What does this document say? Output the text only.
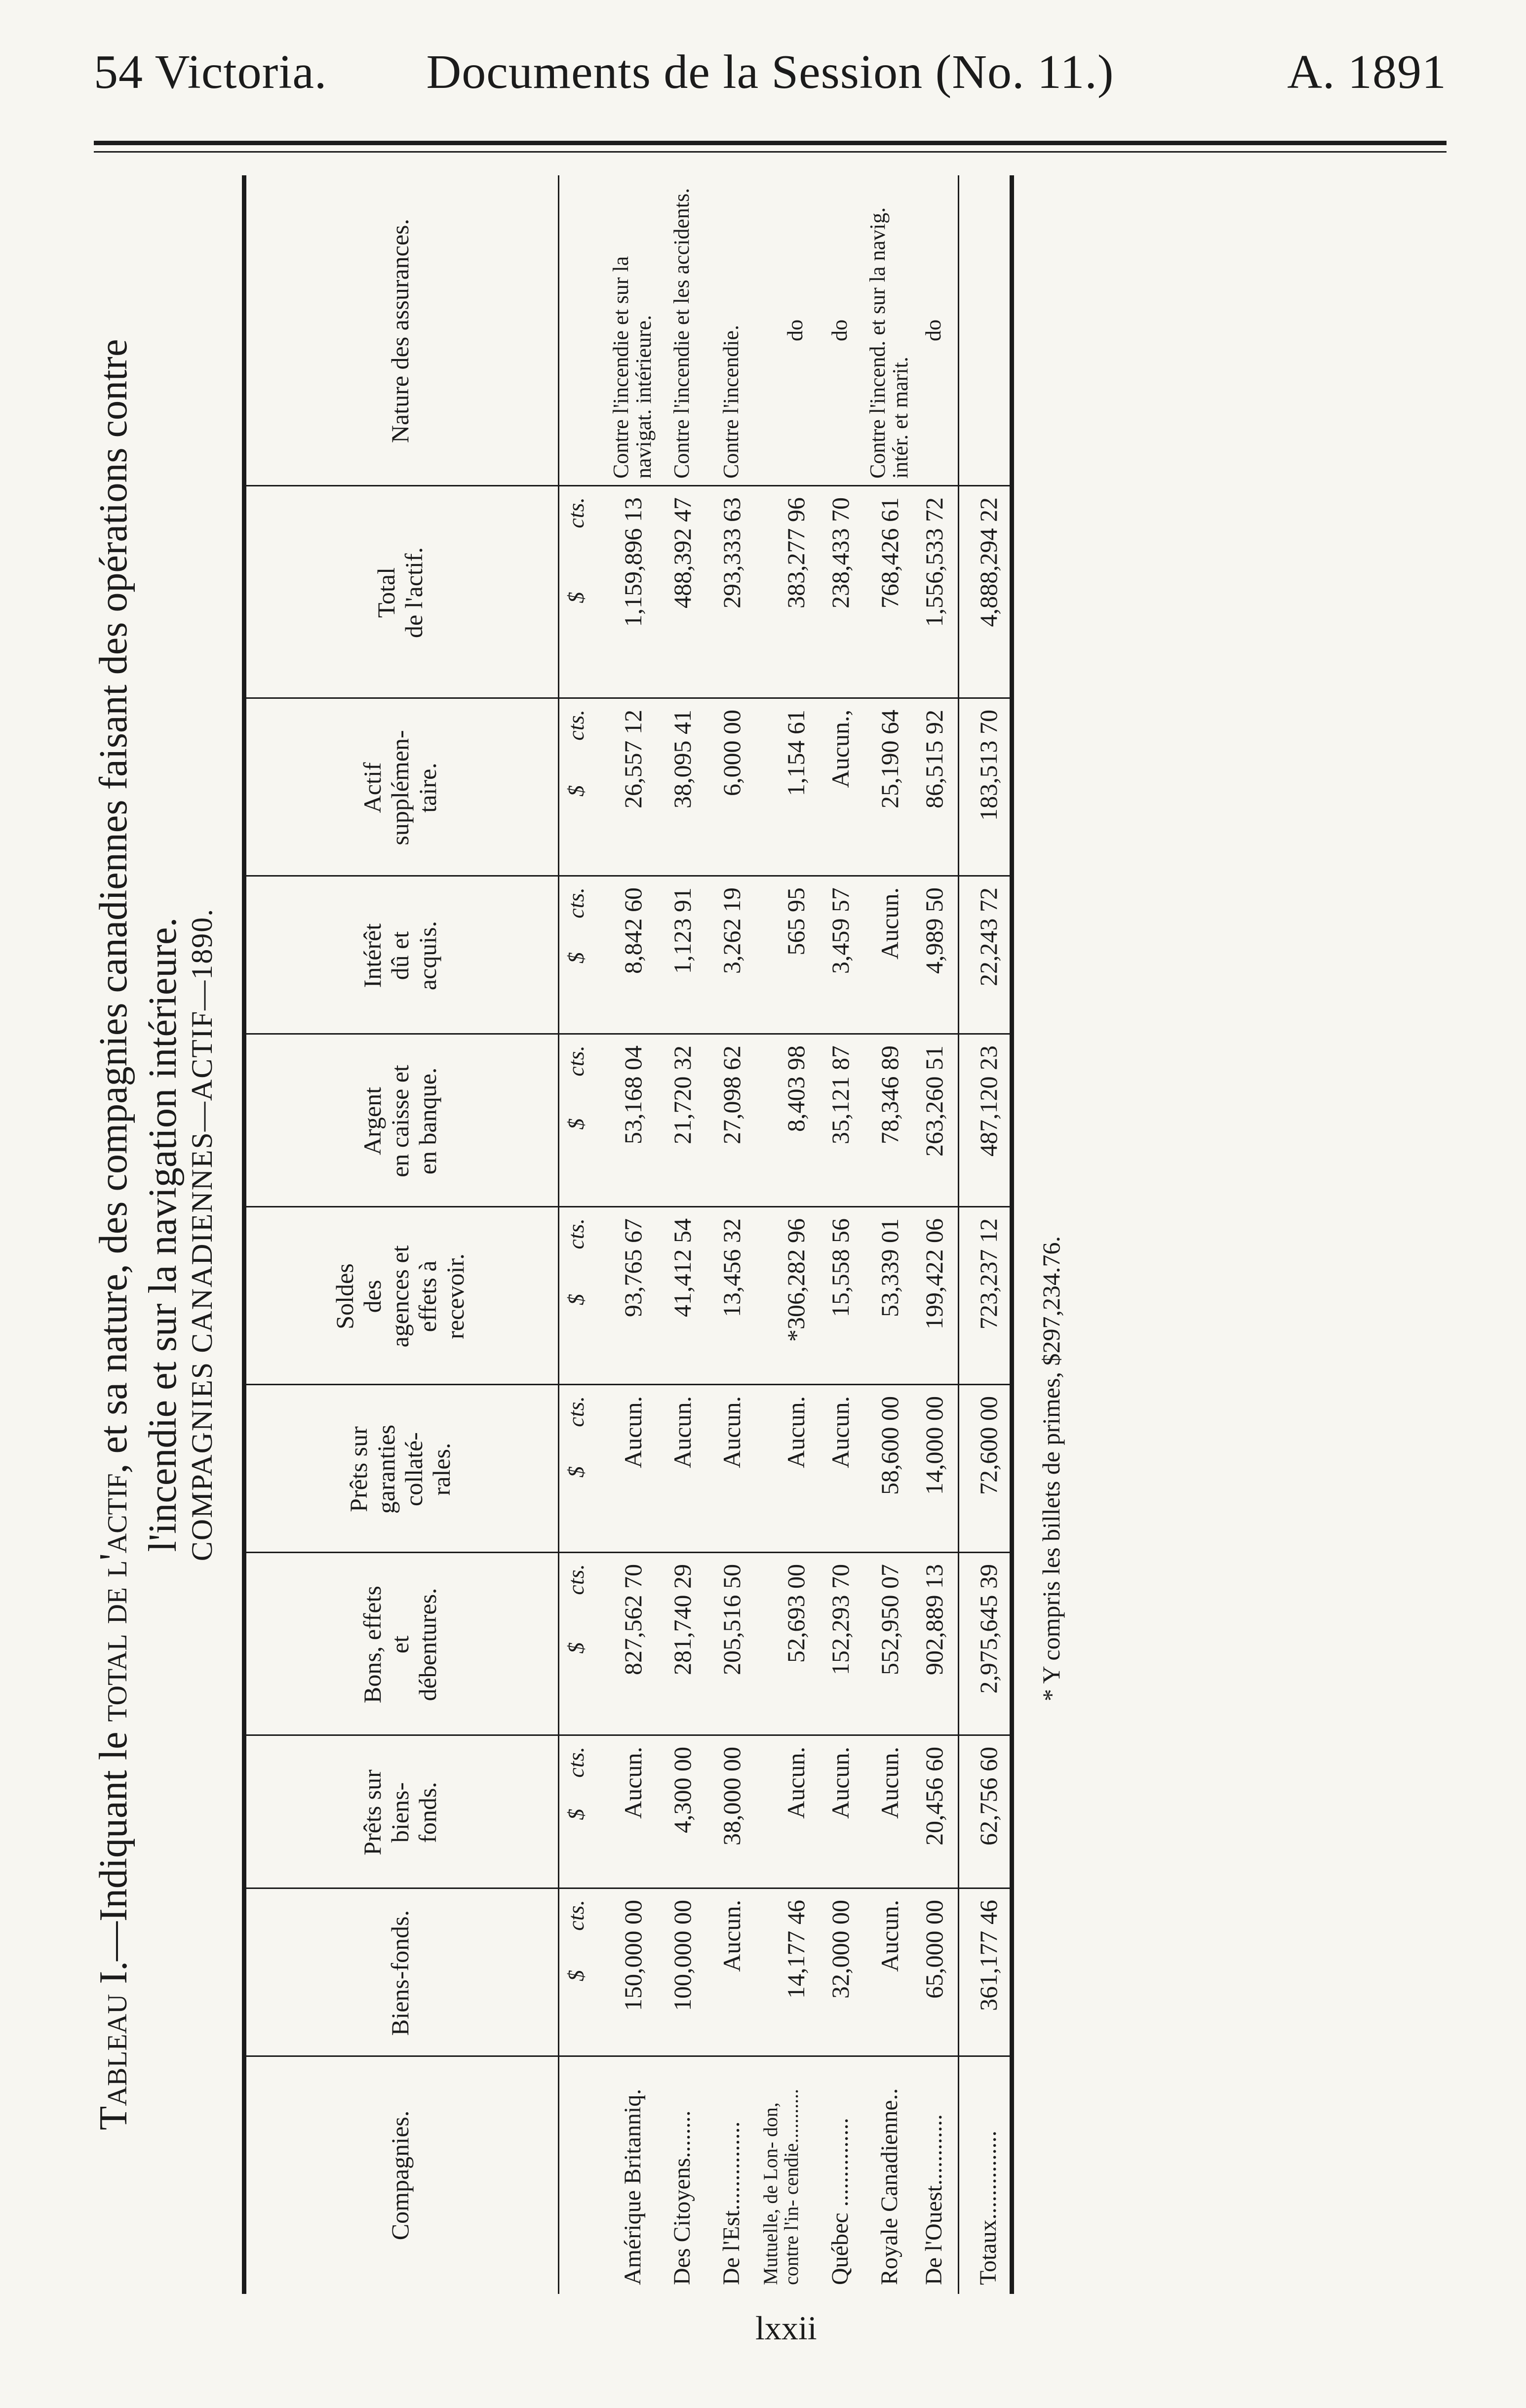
54 Victoria.	Documents de la Session (No. 11.)	A. 1891
Tableau I.—Indiquant le total de l'actif, et sa nature, des compagnies canadiennes faisant des opérations contre l'incendie et sur la navigation intérieure. COMPAGNIES CANADIENNES—ACTIF—1890.
Compagnies.
Biens-fonds.
Prêts sur
biens-
fonds.
Bons, effets
et
débentures.
Prêts sur
garanties
collaté-
rales.
Soldes
des
agences et
effets à
recevoir.
Argent
en caisse et
en banque.
Intérêt
dû et
acquis.
Actif
supplémen-
taire.
Total
de l'actif.
Nature des assurances.
$
cts.
$
cts.
$
cts.
$
cts.
$
cts.
$
cts.
$
cts.
$
cts.
$
cts.
Amérique Britanniq.
150,000 00
Aucun.
827,562 70
Aucun.
93,765 67
53,168 04
8,842 60
26,557 12
1,159,896 13
Contre l'incendie et sur la navigat. intérieure.
Des Citoyens........
100,000 00
4,300 00
281,740 29
Aucun.
41,412 54
21,720 32
1,123 91
38,095 41
488,392 47
Contre l'incendie et les accidents.
De l'Est...............
Aucun.
38,000 00
205,516 50
Aucun.
13,456 32
27,098 62
3,262 19
6,000 00
293,333 63
Contre l'incendie.
Mutuelle, de Lon- don, contre l'in- cendie...........
14,177 46
Aucun.
52,693 00
Aucun.
*306,282 96
8,403 98
565 95
1,154 61
383,277 96
do
Québec ...............
32,000 00
Aucun.
152,293 70
Aucun.
15,558 56
35,121 87
3,459 57
Aucun.,
238,433 70
do
Royale Canadienne..
Aucun.
Aucun.
552,950 07
58,600 00
53,339 01
78,346 89
Aucun.
25,190 64
768,426 61
Contre l'incend. et sur la navig. intér. et marit.
De l'Ouest............
65,000 00
20,456 60
902,889 13
14,000 00
199,422 06
263,260 51
4,989 50
86,515 92
1,556,533 72
do
Totaux...............
361,177 46
62,756 60
2,975,645 39
72,600 00
723,237 12
487,120 23
22,243 72
183,513 70
4,888,294 22
* Y compris les billets de primes, $297,234.76.
lxxii
